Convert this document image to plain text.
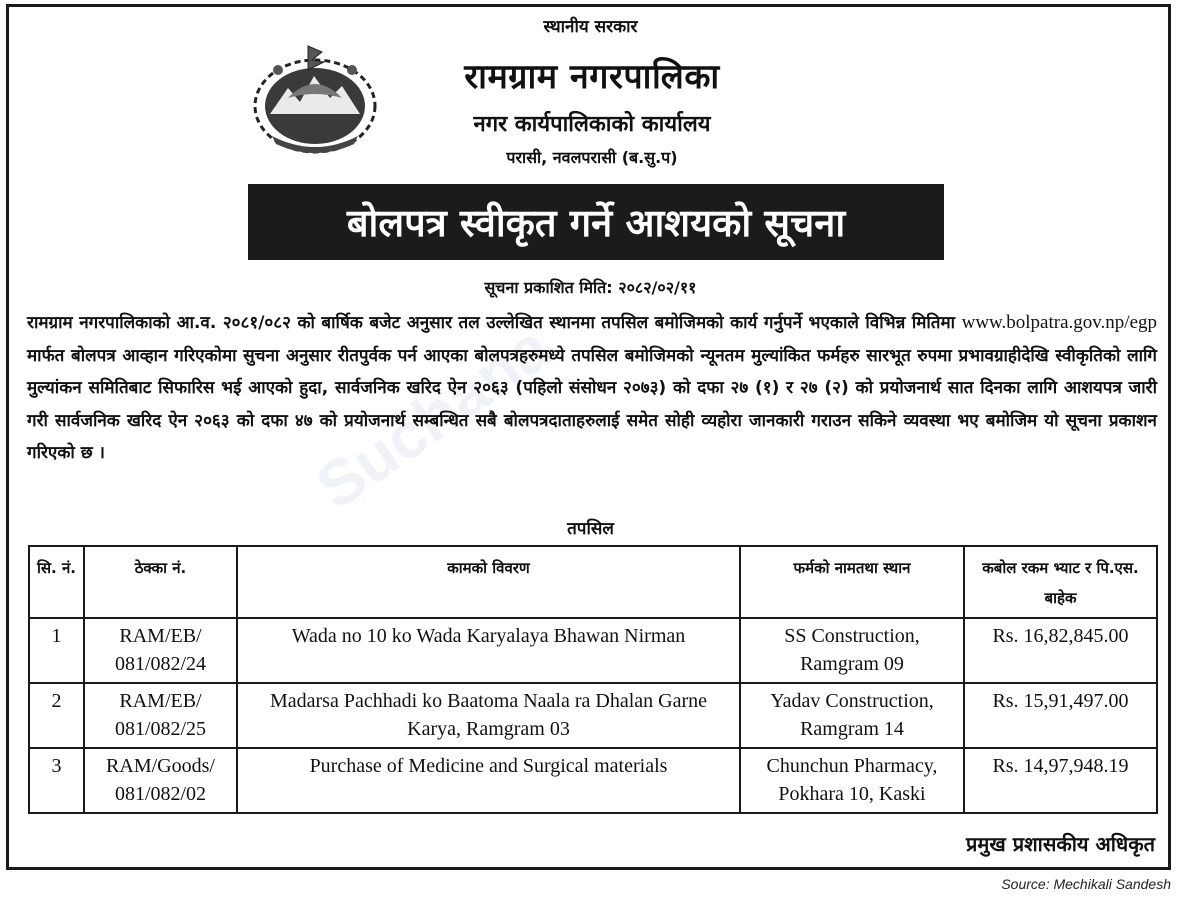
Suchana
स्थानीय सरकार
रामग्राम नगरपालिका
नगर कार्यपालिकाको कार्यालय
परासी, नवलपरासी (ब.सु.प)
बोलपत्र स्वीकृत गर्ने आशयको सूचना
सूचना प्रकाशित मिति: २०८२/०२/११
रामग्राम नगरपालिकाको आ.व. २०८१/०८२ को बार्षिक बजेट अनुसार तल उल्लेखित स्थानमा तपसिल बमोजिमको कार्य गर्नुपर्ने भएकाले विभिन्न मितिमा www.bolpatra.gov.np/egp मार्फत बोलपत्र आव्हान गरिएकोमा सुचना अनुसार रीतपुर्वक पर्न आएका बोलपत्रहरुमध्ये तपसिल बमोजिमको न्यूनतम मुल्यांकित फर्महरु सारभूत रुपमा प्रभावग्राहीदेखि स्वीकृतिको लागि मुल्यांकन समितिबाट सिफारिस भई आएको हुदा, सार्वजनिक खरिद ऐन २०६३ (पहिलो संसोधन २०७३) को दफा २७ (१) र २७ (२) को प्रयोजनार्थ सात दिनका लागि आशयपत्र जारी गरी सार्वजनिक खरिद ऐन २०६३ को दफा ४७ को प्रयोजनार्थ सम्बन्धित सबै बोलपत्रदाताहरुलाई समेत सोही व्यहोरा जानकारी गराउन सकिने व्यवस्था भए बमोजिम यो सूचना प्रकाशन गरिएको छ ।
तपसिल
सि. नं.	ठेक्का नं.	कामको विवरण	फर्मको नामतथा स्थान	कबोल रकम भ्याट र पि.एस. बाहेक
1	RAM/EB/ 081/082/24	Wada no 10 ko Wada Karyalaya Bhawan Nirman	SS Construction, Ramgram 09	Rs. 16,82,845.00
2	RAM/EB/ 081/082/25	Madarsa Pachhadi ko Baatoma Naala ra Dhalan Garne Karya, Ramgram 03	Yadav Construction, Ramgram 14	Rs. 15,91,497.00
3	RAM/Goods/ 081/082/02	Purchase of Medicine and Surgical materials	Chunchun Pharmacy, Pokhara 10, Kaski	Rs. 14,97,948.19
प्रमुख प्रशासकीय अधिकृत
Source: Mechikali Sandesh
